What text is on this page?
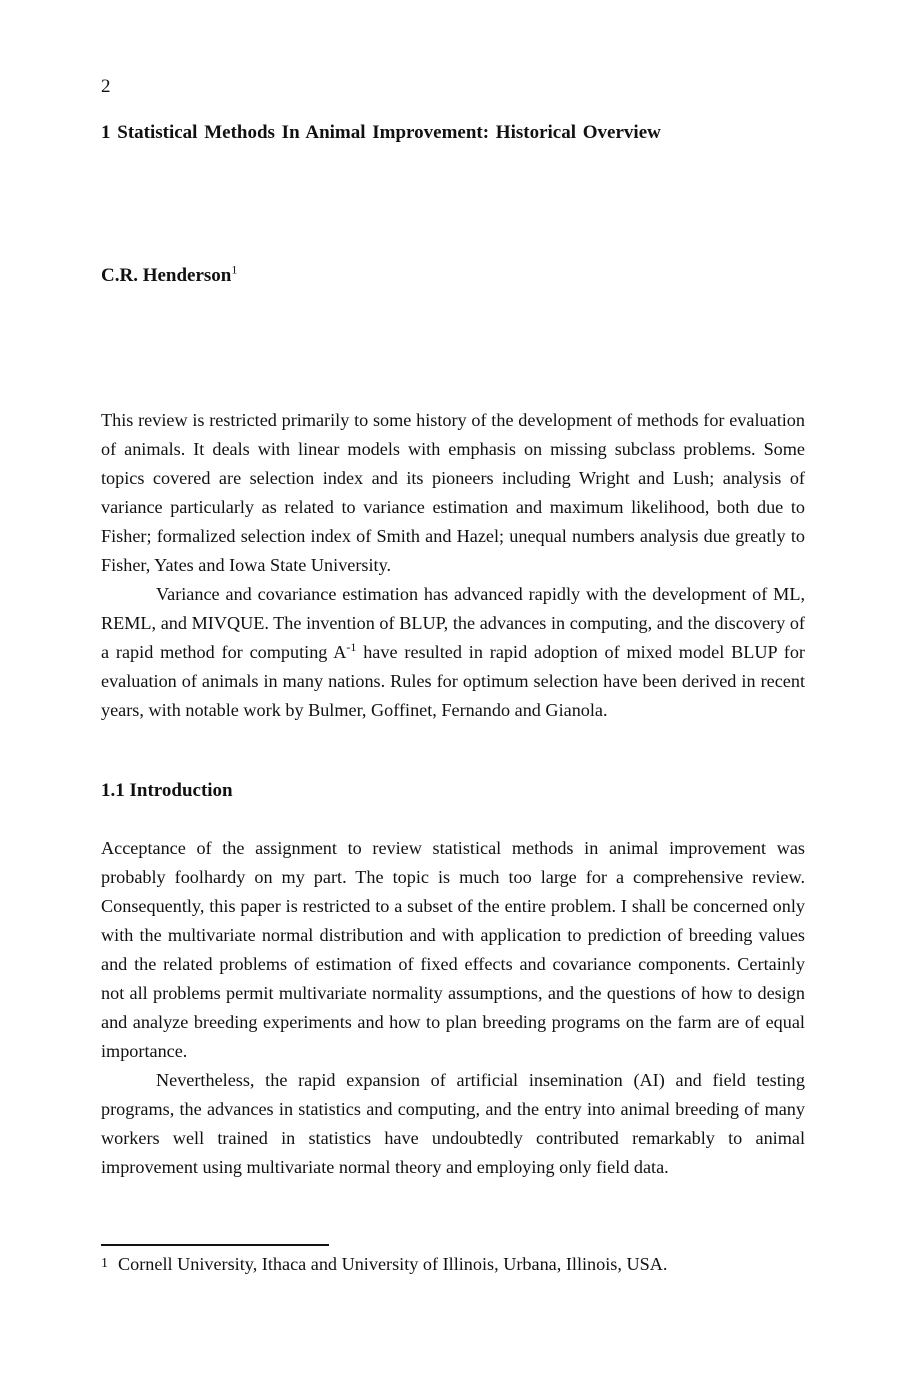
2
1 Statistical Methods In Animal Improvement: Historical Overview
C.R. Henderson$^1$

This review is restricted primarily to some history of the development of methods for evaluation of animals. It deals with linear models with emphasis on missing subclass problems. Some topics covered are selection index and its pioneers including Wright and Lush; analysis of variance particularly as related to variance estimation and maximum likelihood, both due to Fisher; formalized selection index of Smith and Hazel; unequal numbers analysis due greatly to Fisher, Yates and Iowa State University.

Variance and covariance estimation has advanced rapidly with the development of ML, REML, and MIVQUE. The invention of BLUP, the advances in computing, and the discovery of a rapid method for computing $A^{-1}$ have resulted in rapid adoption of mixed model BLUP for evaluation of animals in many nations. Rules for optimum selection have been derived in recent years, with notable work by Bulmer, Goffinet, Fernando and Gianola.

1.1 Introduction

Acceptance of the assignment to review statistical methods in animal improvement was probably foolhardy on my part. The topic is much too large for a comprehensive review. Consequently, this paper is restricted to a subset of the entire problem. I shall be concerned only with the multivariate normal distribution and with application to prediction of breeding values and the related problems of estimation of fixed effects and covariance components. Certainly not all problems permit multivariate normality assumptions, and the questions of how to design and analyze breeding experiments and how to plan breeding programs on the farm are of equal importance.

Nevertheless, the rapid expansion of artificial insemination (AI) and field testing programs, the advances in statistics and computing, and the entry into animal breeding of many workers well trained in statistics have undoubtedly contributed remarkably to animal improvement using multivariate normal theory and employing only field data.

1 Cornell University, Ithaca and University of Illinois, Urbana, Illinois, USA.
